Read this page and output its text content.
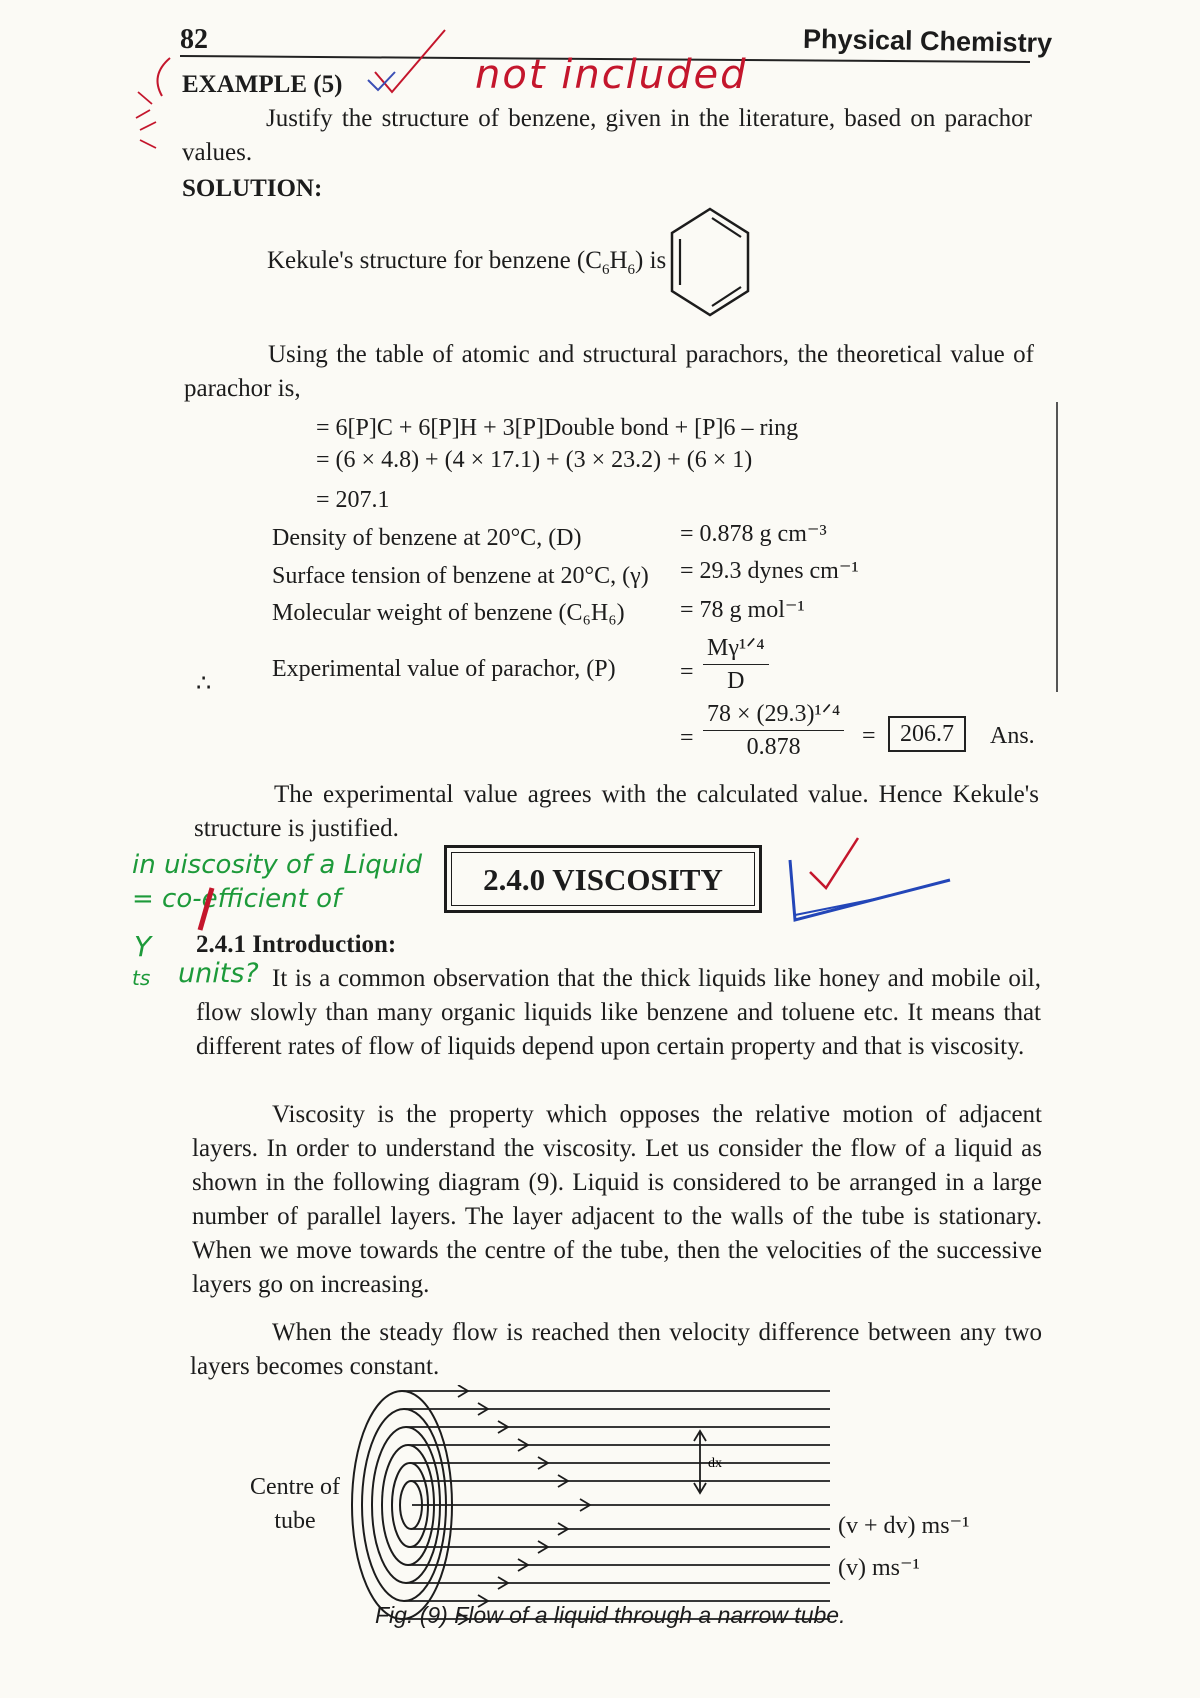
82	Physical Chemistry
not included
EXAMPLE (5)
Justify the structure of benzene, given in the literature, based on parachor values.
SOLUTION:
Kekule's structure for benzene $(C_6H_6)$ is
Using the table of atomic and structural parachors, the theoretical value of parachor is,
= 6[P]C + 6[P]H + 3[P]Double bond + [P]6 – ring
= (6 × 4.8) + (4 × 17.1) + (3 × 23.2) + (6 × 1)
= 207.1
Density of benzene at 20°C, (D)	= 0.878 g cm⁻³
Surface tension of benzene at 20°C, (γ) = 29.3 dynes cm⁻¹
Molecular weight of benzene (C₆H₆) = 78 g mol⁻¹
∴
Experimental value of parachor, (P)	=
Mγ¹ᐟ⁴
D
=
78 × (29.3)¹ᐟ⁴
0.878	=	206.7	Ans.
The experimental value agrees with the calculated value. Hence Kekule's structure is justified.
2.4.0 VISCOSITY
in uiscosity of a Liquid
= co-efficient of
Y
ts units?
2.4.1 Introduction:
It is a common observation that the thick liquids like honey and mobile oil, flow slowly than many organic liquids like benzene and toluene etc. It means that different rates of flow of liquids depend upon certain property and that is viscosity.
Viscosity is the property which opposes the relative motion of adjacent layers. In order to understand the viscosity. Let us consider the flow of a liquid as shown in the following diagram (9). Liquid is considered to be arranged in a large number of parallel layers. The layer adjacent to the walls of the tube is stationary. When we move towards the centre of the tube, then the velocities of the successive layers go on increasing.
When the steady flow is reached then velocity difference between any two layers becomes constant.
dx
Centre of tube	(v + dv) ms⁻¹
(v) ms⁻¹
Fig. (9) Flow of a liquid through a narrow tube.
